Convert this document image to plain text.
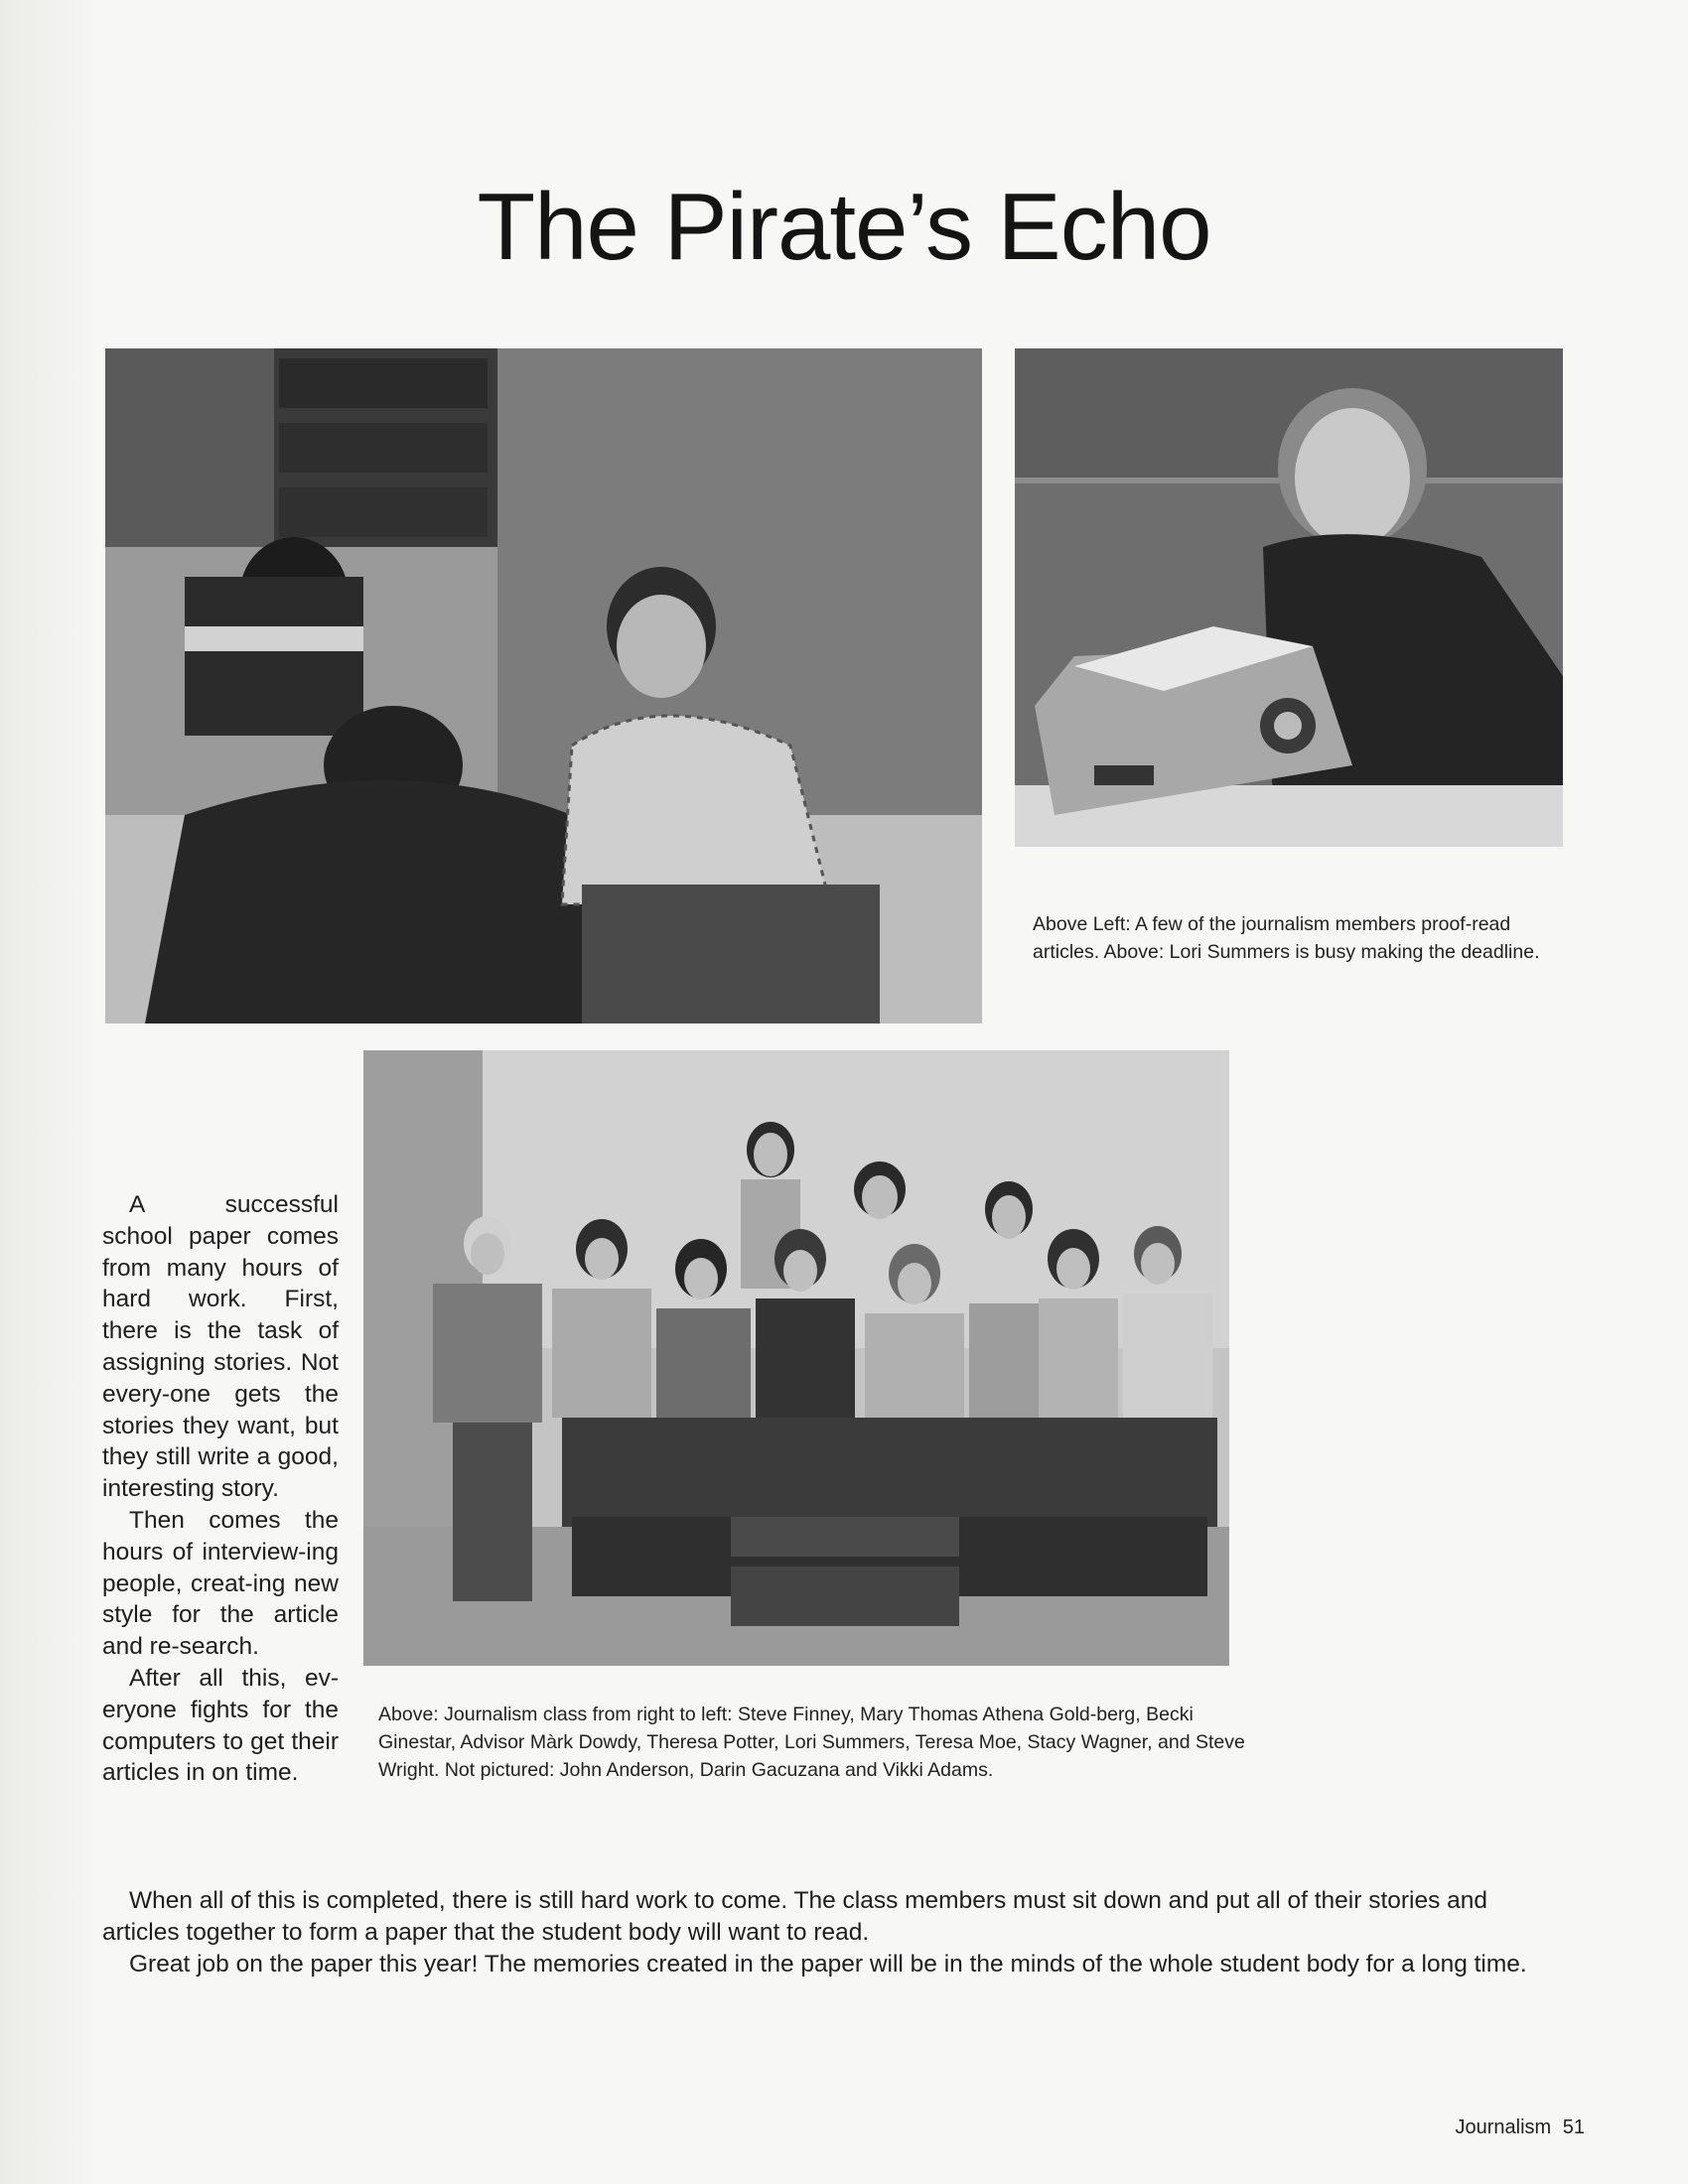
The Pirate’s Echo
Above Left: A few of the journalism members proof-read articles. Above: Lori Summers is busy making the deadline.
Above: Journalism class from right to left: Steve Finney, Mary Thomas Athena Gold-berg, Becki Ginestar, Advisor Màrk Dowdy, Theresa Potter, Lori Summers, Teresa Moe, Stacy Wagner, and Steve Wright. Not pictured: John Anderson, Darin Gacuzana and Vikki Adams.

A successful school paper comes from many hours of hard work. First, there is the task of assigning stories. Not every-one gets the stories they want, but they still write a good, interesting story.

Then comes the hours of interview-ing people, creat-ing new style for the article and re-search.

After all this, ev-eryone fights for the computers to get their articles in on time.

When all of this is completed, there is still hard work to come. The class members must sit down and put all of their stories and articles together to form a paper that the student body will want to read.

Great job on the paper this year! The memories created in the paper will be in the minds of the whole student body for a long time.

Journalism 51
